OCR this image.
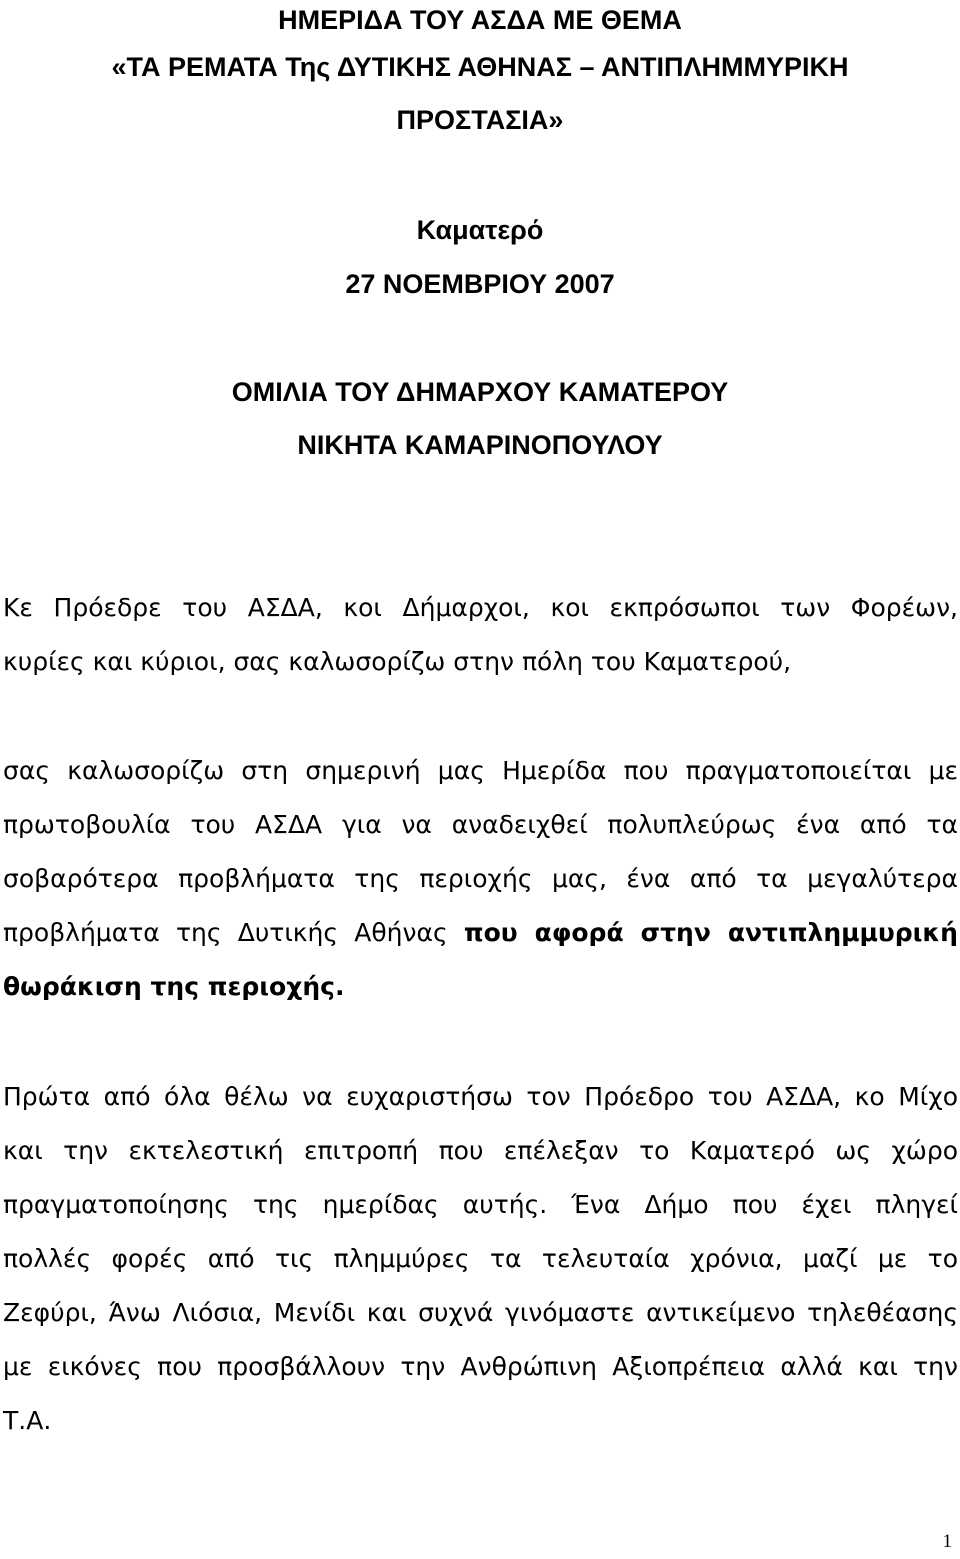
ΗΜΕΡΙΔΑ ΤΟΥ ΑΣΔΑ ΜΕ ΘΕΜΑ

«ΤΑ ΡΕΜΑΤΑ Της ΔΥΤΙΚΗΣ ΑΘΗΝΑΣ – ΑΝΤΙΠΛΗΜΜΥΡΙΚΗ

ΠΡΟΣΤΑΣΙΑ»

Καματερό

27 ΝΟΕΜΒΡΙΟΥ 2007

ΟΜΙΛΙΑ ΤΟΥ ΔΗΜΑΡΧΟΥ ΚΑΜΑΤΕΡΟΥ

ΝΙΚΗΤΑ ΚΑΜΑΡΙΝΟΠΟΥΛΟΥ

Κε Πρόεδρε του ΑΣΔΑ, κοι Δήμαρχοι, κοι εκπρόσωποι των Φορέων,

κυρίες και κύριοι, σας καλωσορίζω στην πόλη του Καματερού,

σας καλωσορίζω στη σημερινή μας Ημερίδα που πραγματοποιείται με

πρωτοβουλία του ΑΣΔΑ για να αναδειχθεί πολυπλεύρως ένα από τα

σοβαρότερα προβλήματα της περιοχής μας, ένα από τα μεγαλύτερα

προβλήματα της Δυτικής Αθήνας που αφορά στην αντιπλημμυρική

θωράκιση της περιοχής.

Πρώτα από όλα θέλω να ευχαριστήσω τον Πρόεδρο του ΑΣΔΑ, κο Μίχο

και την εκτελεστική επιτροπή που επέλεξαν το Καματερό ως χώρο

πραγματοποίησης της ημερίδας αυτής. Ένα Δήμο που έχει πληγεί

πολλές φορές από τις πλημμύρες τα τελευταία χρόνια, μαζί με το

Ζεφύρι, Άνω Λιόσια, Μενίδι και συχνά γινόμαστε αντικείμενο τηλεθέασης

με εικόνες που προσβάλλουν την Ανθρώπινη Αξιοπρέπεια αλλά και την

Τ.Α.

1
